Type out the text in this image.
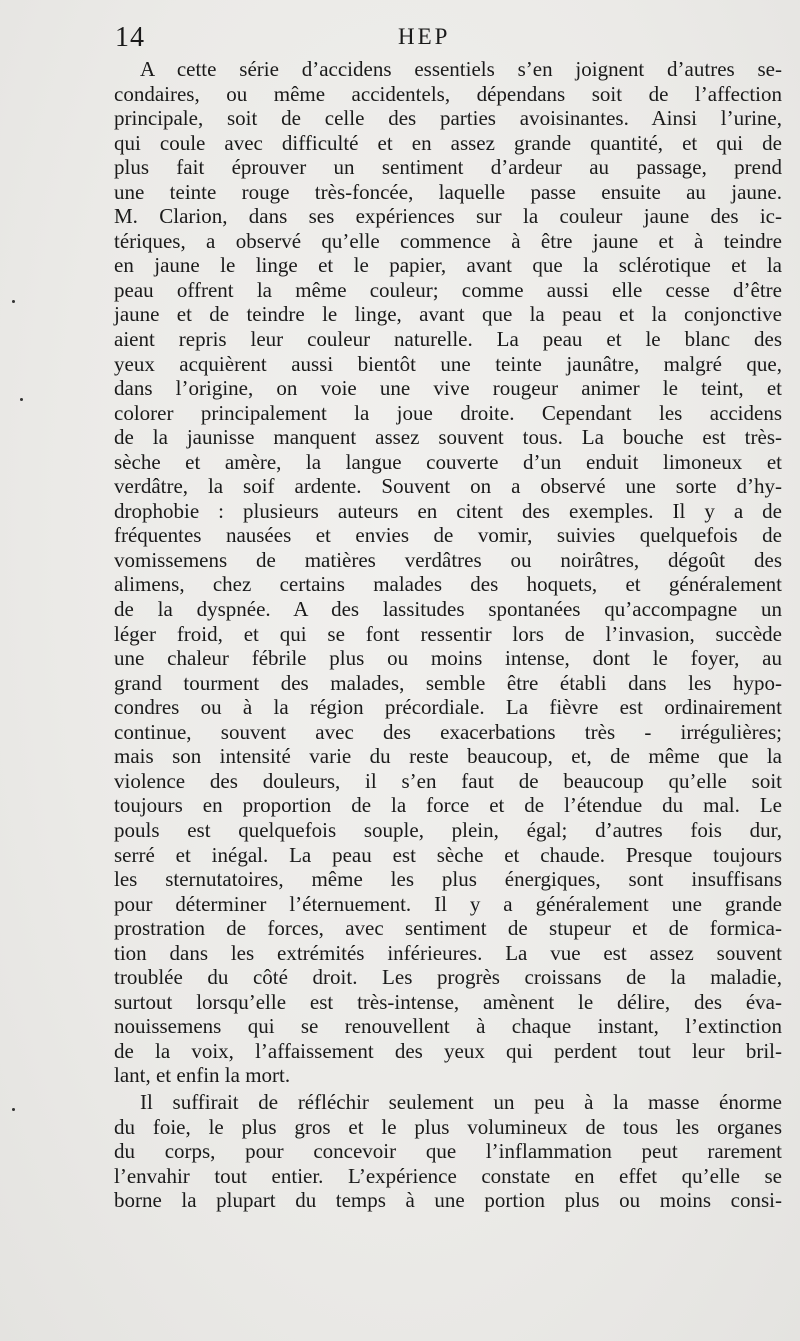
14	HEP
A cette série d’accidens essentiels s’en joignent d’autres se-
condaires, ou même accidentels, dépendans soit de l’affection
principale, soit de celle des parties avoisinantes. Ainsi l’urine,
qui coule avec difficulté et en assez grande quantité, et qui de
plus fait éprouver un sentiment d’ardeur au passage, prend
une teinte rouge très-foncée, laquelle passe ensuite au jaune.
M. Clarion, dans ses expériences sur la couleur jaune des ic-
tériques, a observé qu’elle commence à être jaune et à teindre
en jaune le linge et le papier, avant que la sclérotique et la
peau offrent la même couleur; comme aussi elle cesse d’être
jaune et de teindre le linge, avant que la peau et la conjonctive
aient repris leur couleur naturelle. La peau et le blanc des
yeux acquièrent aussi bientôt une teinte jaunâtre, malgré que,
dans l’origine, on voie une vive rougeur animer le teint, et
colorer principalement la joue droite. Cependant les accidens
de la jaunisse manquent assez souvent tous. La bouche est très-
sèche et amère, la langue couverte d’un enduit limoneux et
verdâtre, la soif ardente. Souvent on a observé une sorte d’hy-
drophobie : plusieurs auteurs en citent des exemples. Il y a de
fréquentes nausées et envies de vomir, suivies quelquefois de
vomissemens de matières verdâtres ou noirâtres, dégoût des
alimens, chez certains malades des hoquets, et généralement
de la dyspnée. A des lassitudes spontanées qu’accompagne un
léger froid, et qui se font ressentir lors de l’invasion, succède
une chaleur fébrile plus ou moins intense, dont le foyer, au
grand tourment des malades, semble être établi dans les hypo-
condres ou à la région précordiale. La fièvre est ordinairement
continue, souvent avec des exacerbations très - irrégulières;
mais son intensité varie du reste beaucoup, et, de même que la
violence des douleurs, il s’en faut de beaucoup qu’elle soit
toujours en proportion de la force et de l’étendue du mal. Le
pouls est quelquefois souple, plein, égal; d’autres fois dur,
serré et inégal. La peau est sèche et chaude. Presque toujours
les sternutatoires, même les plus énergiques, sont insuffisans
pour déterminer l’éternuement. Il y a généralement une grande
prostration de forces, avec sentiment de stupeur et de formica-
tion dans les extrémités inférieures. La vue est assez souvent
troublée du côté droit. Les progrès croissans de la maladie,
surtout lorsqu’elle est très-intense, amènent le délire, des éva-
nouissemens qui se renouvellent à chaque instant, l’extinction
de la voix, l’affaissement des yeux qui perdent tout leur bril-
lant, et enfin la mort.
Il suffirait de réfléchir seulement un peu à la masse énorme
du foie, le plus gros et le plus volumineux de tous les organes
du corps, pour concevoir que l’inflammation peut rarement
l’envahir tout entier. L’expérience constate en effet qu’elle se
borne la plupart du temps à une portion plus ou moins consi-
